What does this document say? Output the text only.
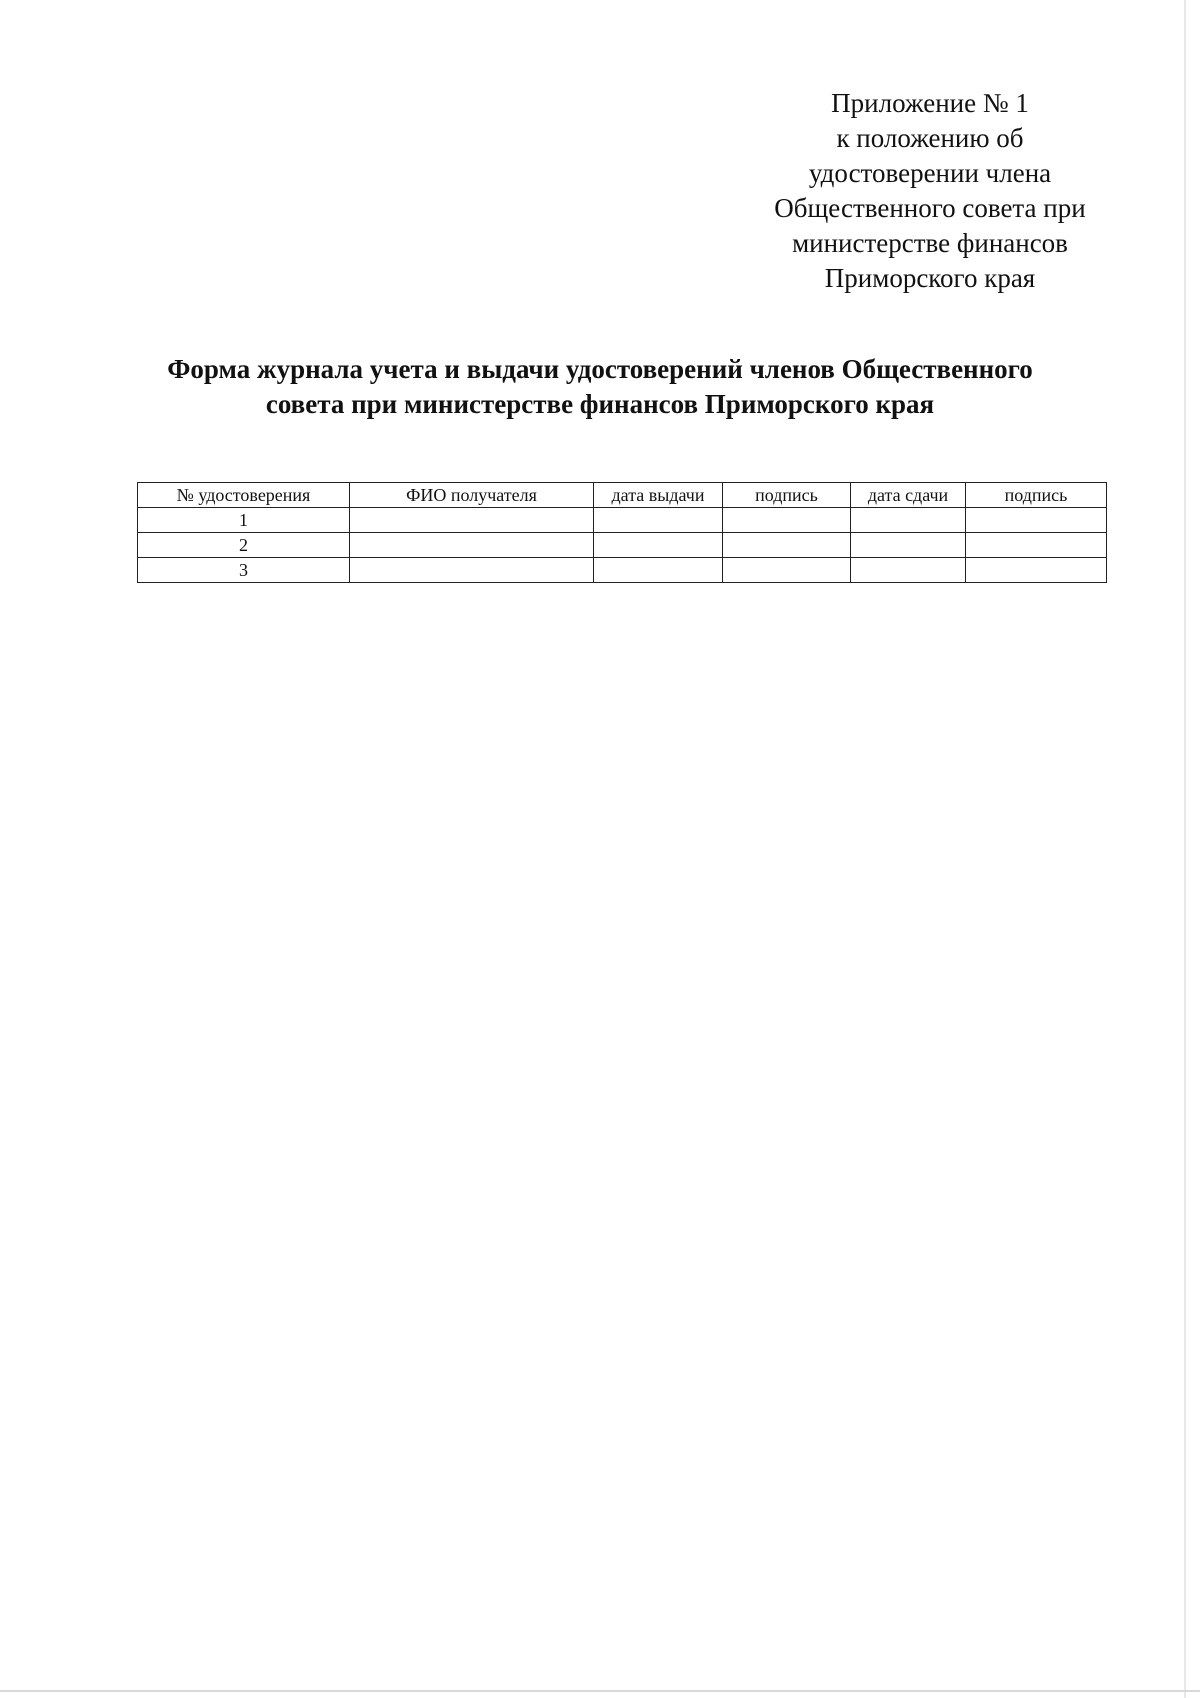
Приложение № 1
к положению об
удостоверении члена
Общественного совета при
министерстве финансов
Приморского края
Форма журнала учета и выдачи удостоверений членов Общественного
совета при министерстве финансов Приморского края
№ удостоверения	ФИО получателя	дата выдачи	подпись	дата сдачи	подпись
1					
2					
3					
